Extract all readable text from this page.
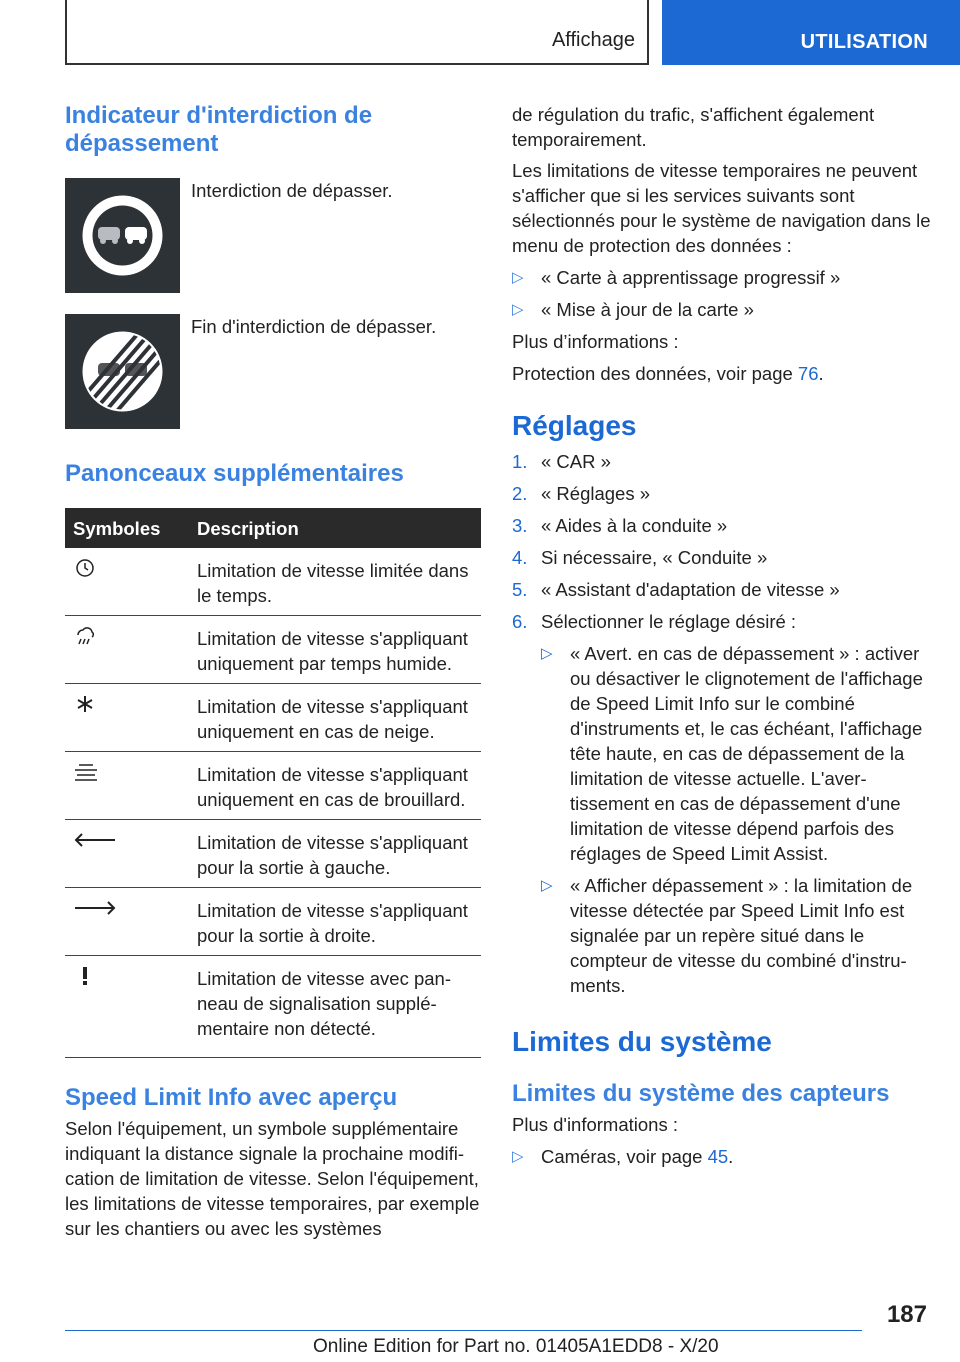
Affichage	UTILISATION
Indicateur d'interdiction de dépassement
Interdiction de dépasser.
Fin d'interdiction de dépasser.
Panonceaux supplémentaires
Symboles	Description

	Limitation de vitesse limitée dans le temps.

	Limitation de vitesse s'appliquant uniquement par temps humide.

	Limitation de vitesse s'appliquant uniquement en cas de neige.

	Limitation de vitesse s'appliquant uniquement en cas de brouillard.

	Limitation de vitesse s'appliquant pour la sortie à gauche.

	Limitation de vitesse s'appliquant pour la sortie à droite.

	Limitation de vitesse avec panneau de signalisation supplémentaire non détecté.
Speed Limit Info avec aperçu

Selon l'équipement, un symbole supplémentaire indiquant la distance signale la prochaine modification de limitation de vitesse. Selon l'équipement, les limitations de vitesse temporaires, par exemple sur les chantiers ou avec les systèmes

de régulation du trafic, s'affichent également temporairement.

Les limitations de vitesse temporaires ne peuvent s'afficher que si les services suivants sont sélectionnés pour le système de navigation dans le menu de protection des données :

▷ « Carte à apprentissage progressif »
▷ « Mise à jour de la carte »

Plus d’informations :

Protection des données, voir page 76.

Réglages
1. « CAR »
2. « Réglages »
3. « Aides à la conduite »
4. Si nécessaire, « Conduite »
5. « Assistant d'adaptation de vitesse »
6. Sélectionner le réglage désiré :
▷ « Avert. en cas de dépassement » : activer ou désactiver le clignotement de l'affichage de Speed Limit Info sur le combiné d'instruments et, le cas échéant, l'affichage tête haute, en cas de dépassement de la limitation de vitesse actuelle. L'avertissement en cas de dépassement d'une limitation de vitesse dépend parfois des réglages de Speed Limit Assist.
▷ « Afficher dépassement » : la limitation de vitesse détectée par Speed Limit Info est signalée par un repère situé dans le compteur de vitesse du combiné d'instruments.
Limites du système
Limites du système des capteurs

Plus d'informations :

▷ Caméras, voir page 45.
187
Online Edition for Part no. 01405A1EDD8 - X/20
